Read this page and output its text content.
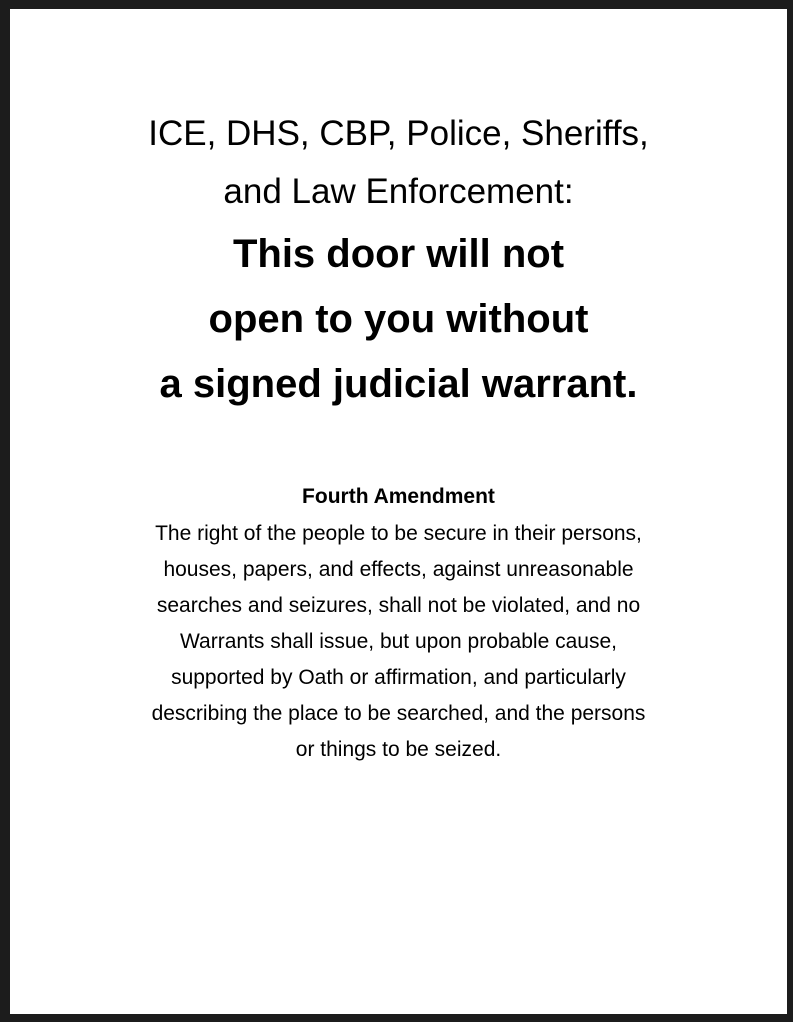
ICE, DHS, CBP, Police, Sheriffs,
and Law Enforcement:
This door will not
open to you without
a signed judicial warrant.
Fourth Amendment

The right of the people to be secure in their persons,
houses, papers, and effects, against unreasonable
searches and seizures, shall not be violated, and no
Warrants shall issue, but upon probable cause,
supported by Oath or affirmation, and particularly
describing the place to be searched, and the persons
or things to be seized.
